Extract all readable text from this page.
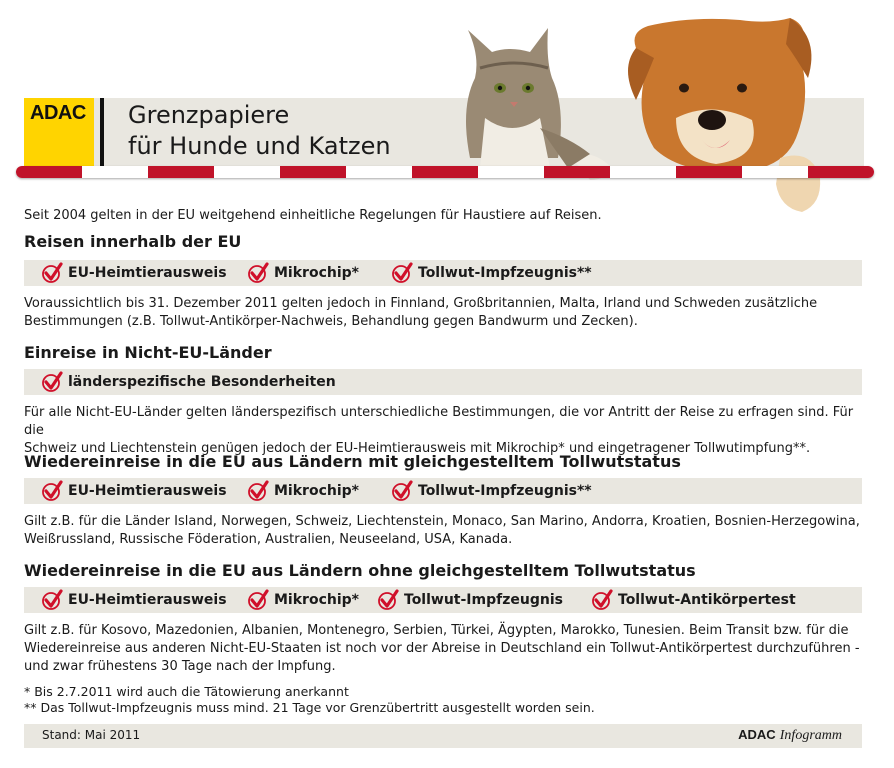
ADAC Grenzpapiere
für Hunde und Katzen
Seit 2004 gelten in der EU weitgehend einheitliche Regelungen für Haustiere auf Reisen.
Reisen innerhalb der EU
EU-Heimtierausweis	Mikrochip*	Tollwut-Impfzeugnis**
Voraussichtlich bis 31. Dezember 2011 gelten jedoch in Finnland, Großbritannien, Malta, Irland und Schweden zusätzliche
Bestimmungen (z.B. Tollwut-Antikörper-Nachweis, Behandlung gegen Bandwurm und Zecken).
Einreise in Nicht-EU-Länder
länderspezifische Besonderheiten
Für alle Nicht-EU-Länder gelten länderspezifisch unterschiedliche Bestimmungen, die vor Antritt der Reise zu erfragen sind. Für die
Schweiz und Liechtenstein genügen jedoch der EU-Heimtierausweis mit Mikrochip* und eingetragener Tollwutimpfung**.
Wiedereinreise in die EU aus Ländern mit gleichgestelltem Tollwutstatus
EU-Heimtierausweis	Mikrochip*	Tollwut-Impfzeugnis**
Gilt z.B. für die Länder Island, Norwegen, Schweiz, Liechtenstein, Monaco, San Marino, Andorra, Kroatien, Bosnien-Herzegowina,
Weißrussland, Russische Föderation, Australien, Neuseeland, USA, Kanada.
Wiedereinreise in die EU aus Ländern ohne gleichgestelltem Tollwutstatus
EU-Heimtierausweis	Mikrochip*	Tollwut-Impfzeugnis	Tollwut-Antikörpertest
Gilt z.B. für Kosovo, Mazedonien, Albanien, Montenegro, Serbien, Türkei, Ägypten, Marokko, Tunesien. Beim Transit bzw. für die
Wiedereinreise aus anderen Nicht-EU-Staaten ist noch vor der Abreise in Deutschland ein Tollwut-Antikörpertest durchzuführen -
und zwar frühestens 30 Tage nach der Impfung.
* Bis 2.7.2011 wird auch die Tätowierung anerkannt
** Das Tollwut-Impfzeugnis muss mind. 21 Tage vor Grenzübertritt ausgestellt worden sein.
Stand: Mai 2011	ADAC Infogramm
